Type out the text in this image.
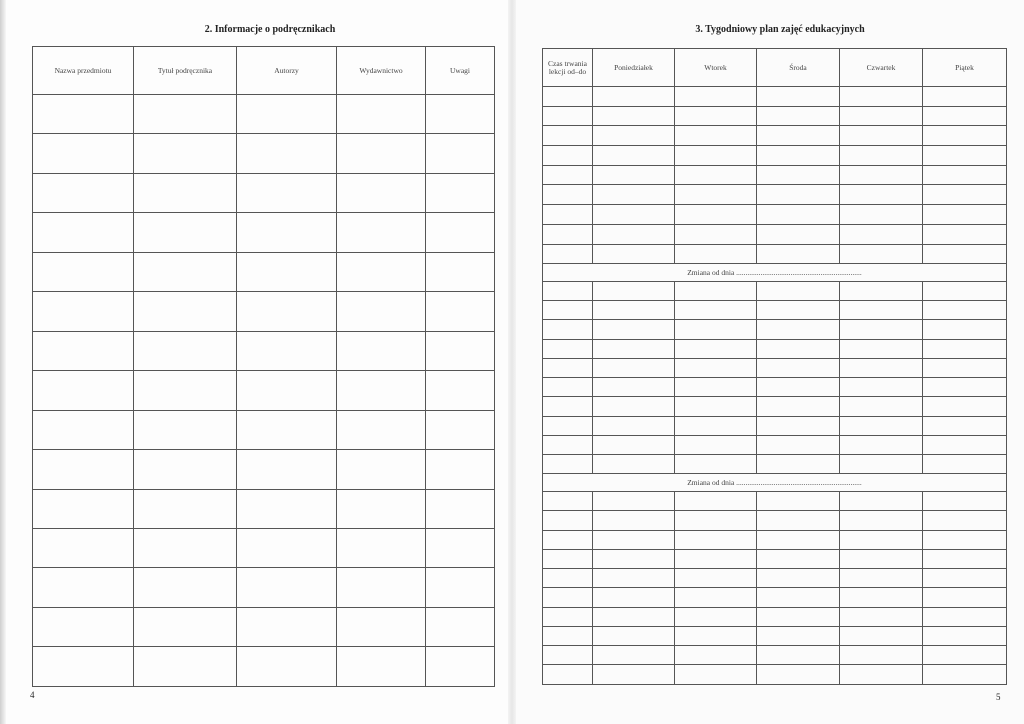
2. Informacje o podręcznikach	3. Tygodniowy plan zajęć edukacyjnych
Nazwa przedmiotu	Tytuł podręcznika	Autorzy	Wydawnictwo	Uwagi

Czas trwania lekcji od–do	Poniedziałek	Wtorek	Środa	Czwartek	Piątek

Zmiana od dnia ...................................................................					

Zmiana od dnia ...................................................................					

4	5
